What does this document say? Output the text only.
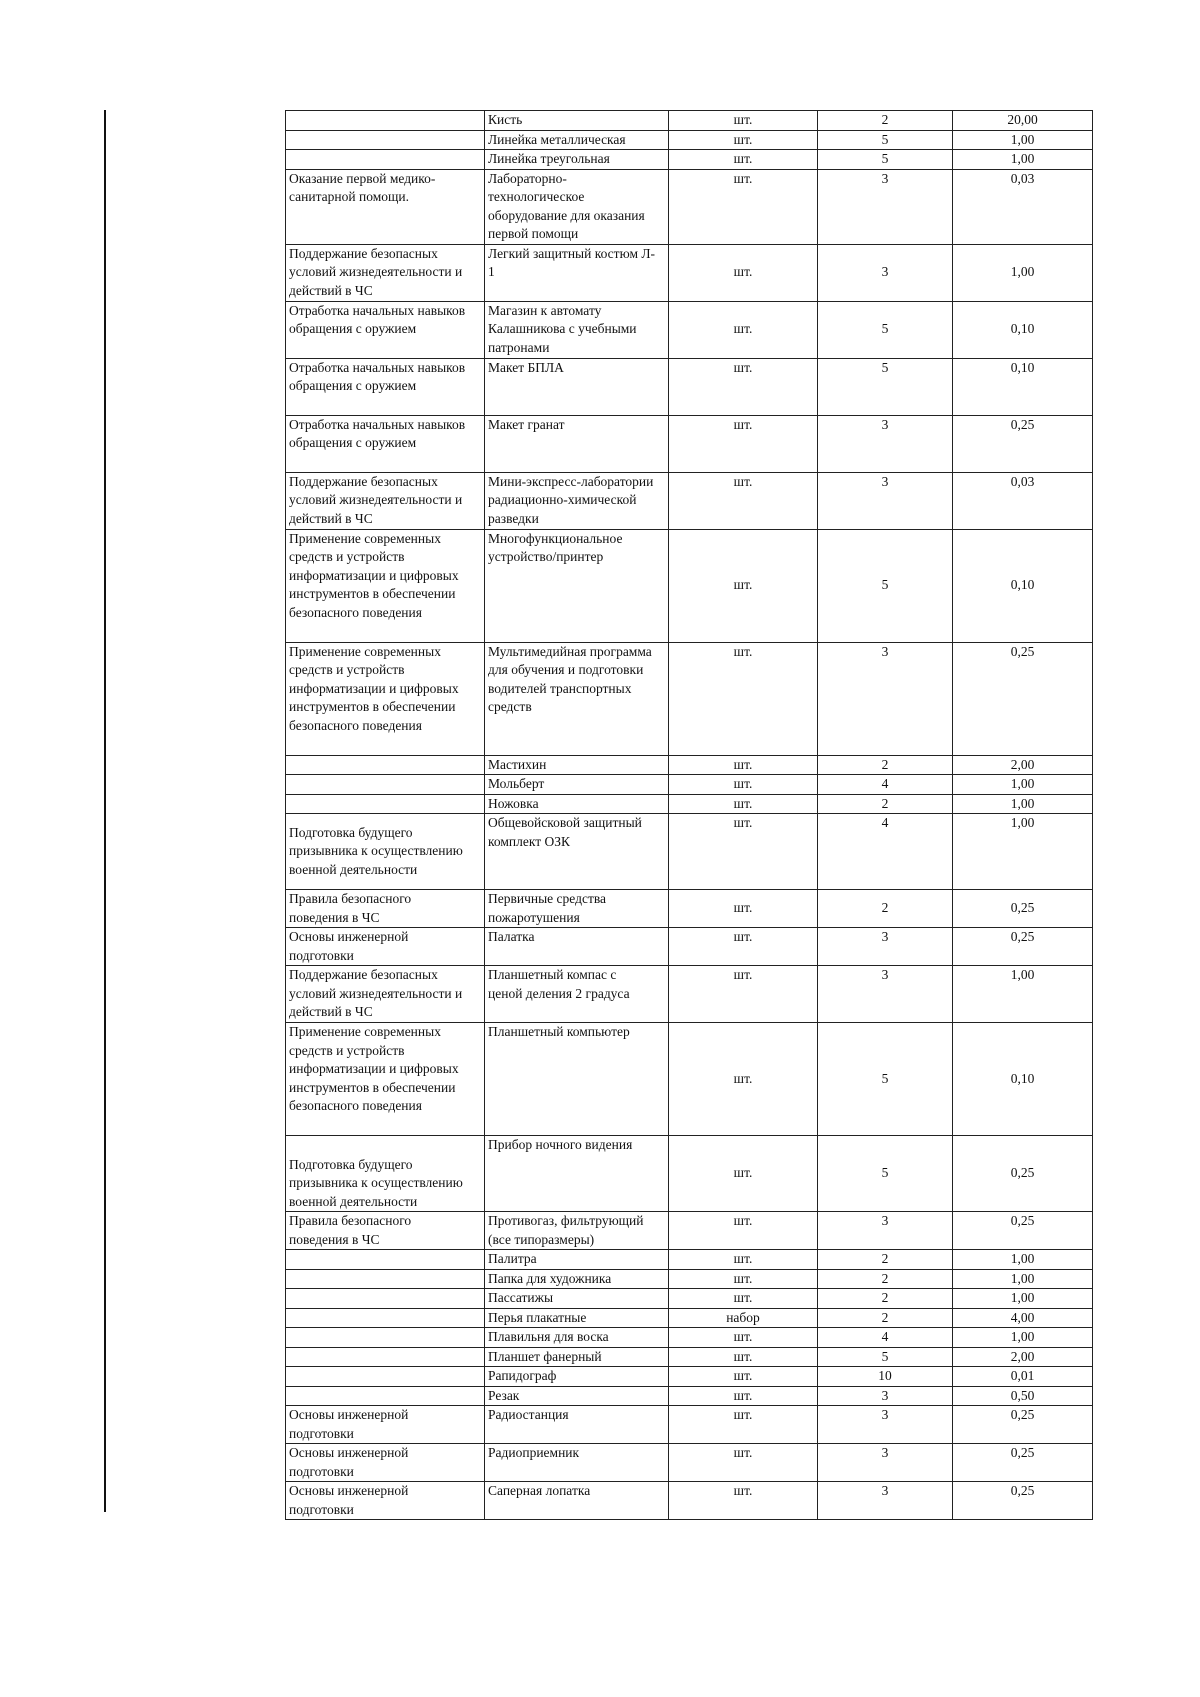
	Кисть	шт.	2	20,00
	Линейка металлическая	шт.	5	1,00
	Линейка треугольная	шт.	5	1,00
Оказание первой медико-
санитарной помощи.	Лабораторно-
технологическое
оборудование для оказания
первой помощи	шт.	3	0,03
Поддержание безопасных
условий жизнедеятельности и
действий в ЧС	Легкий защитный костюм Л-
1	шт.	3	1,00
Отработка начальных навыков
обращения с оружием	Магазин к автомату
Калашникова с учебными
патронами	шт.	5	0,10
Отработка начальных навыков
обращения с оружием	Макет БПЛА	шт.	5	0,10
Отработка начальных навыков
обращения с оружием	Макет гранат	шт.	3	0,25
Поддержание безопасных
условий жизнедеятельности и
действий в ЧС	Мини-экспресс-лаборатории
радиационно-химической
разведки	шт.	3	0,03
Применение современных
средств и устройств
информатизации и цифровых
инструментов в обеспечении
безопасного поведения	Многофункциональное
устройство/принтер	шт.	5	0,10
Применение современных
средств и устройств
информатизации и цифровых
инструментов в обеспечении
безопасного поведения	Мультимедийная программа
для обучения и подготовки
водителей транспортных
средств	шт.	3	0,25
	Мастихин	шт.	2	2,00
	Мольберт	шт.	4	1,00
	Ножовка	шт.	2	1,00
Подготовка будущего
призывника к осуществлению
военной деятельности	Общевойсковой защитный
комплект ОЗК	шт.	4	1,00
Правила безопасного
поведения в ЧС	Первичные средства
пожаротушения	шт.	2	0,25
Основы инженерной
подготовки	Палатка	шт.	3	0,25
Поддержание безопасных
условий жизнедеятельности и
действий в ЧС	Планшетный компас с
ценой деления 2 градуса	шт.	3	1,00
Применение современных
средств и устройств
информатизации и цифровых
инструментов в обеспечении
безопасного поведения	Планшетный компьютер	шт.	5	0,10
Подготовка будущего
призывника к осуществлению
военной деятельности	Прибор ночного видения	шт.	5	0,25
Правила безопасного
поведения в ЧС	Противогаз, фильтрующий
(все типоразмеры)	шт.	3	0,25
	Палитра	шт.	2	1,00
	Папка для художника	шт.	2	1,00
	Пассатижы	шт.	2	1,00
	Перья плакатные	набор	2	4,00
	Плавильня для воска	шт.	4	1,00
	Планшет фанерный	шт.	5	2,00
	Рапидограф	шт.	10	0,01
	Резак	шт.	3	0,50
Основы инженерной
подготовки	Радиостанция	шт.	3	0,25
Основы инженерной
подготовки	Радиоприемник	шт.	3	0,25
Основы инженерной
подготовки	Саперная лопатка	шт.	3	0,25
